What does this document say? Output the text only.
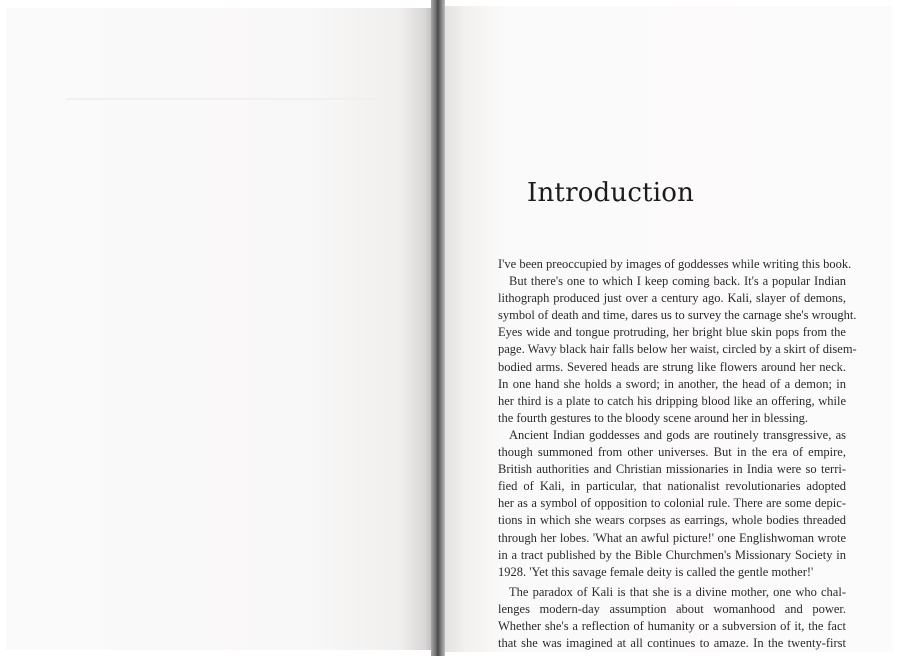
Introduction
I've been preoccupied by images of goddesses while writing this book.
But there's one to which I keep coming back. It's a popular Indian
lithograph produced just over a century ago. Kali, slayer of demons,
symbol of death and time, dares us to survey the carnage she's wrought.
Eyes wide and tongue protruding, her bright blue skin pops from the
page. Wavy black hair falls below her waist, circled by a skirt of disem-
bodied arms. Severed heads are strung like flowers around her neck.
In one hand she holds a sword; in another, the head of a demon; in
her third is a plate to catch his dripping blood like an offering, while
the fourth gestures to the bloody scene around her in blessing.
Ancient Indian goddesses and gods are routinely transgressive, as
though summoned from other universes. But in the era of empire,
British authorities and Christian missionaries in India were so terri-
fied of Kali, in particular, that nationalist revolutionaries adopted
her as a symbol of opposition to colonial rule. There are some depic-
tions in which she wears corpses as earrings, whole bodies threaded
through her lobes. 'What an awful picture!' one Englishwoman wrote
in a tract published by the Bible Churchmen's Missionary Society in
1928. 'Yet this savage female deity is called the gentle mother!'
The paradox of Kali is that she is a divine mother, one who chal-
lenges modern-day assumption about womanhood and power.
Whether she's a reflection of humanity or a subversion of it, the fact
that she was imagined at all continues to amaze. In the twenty-first
